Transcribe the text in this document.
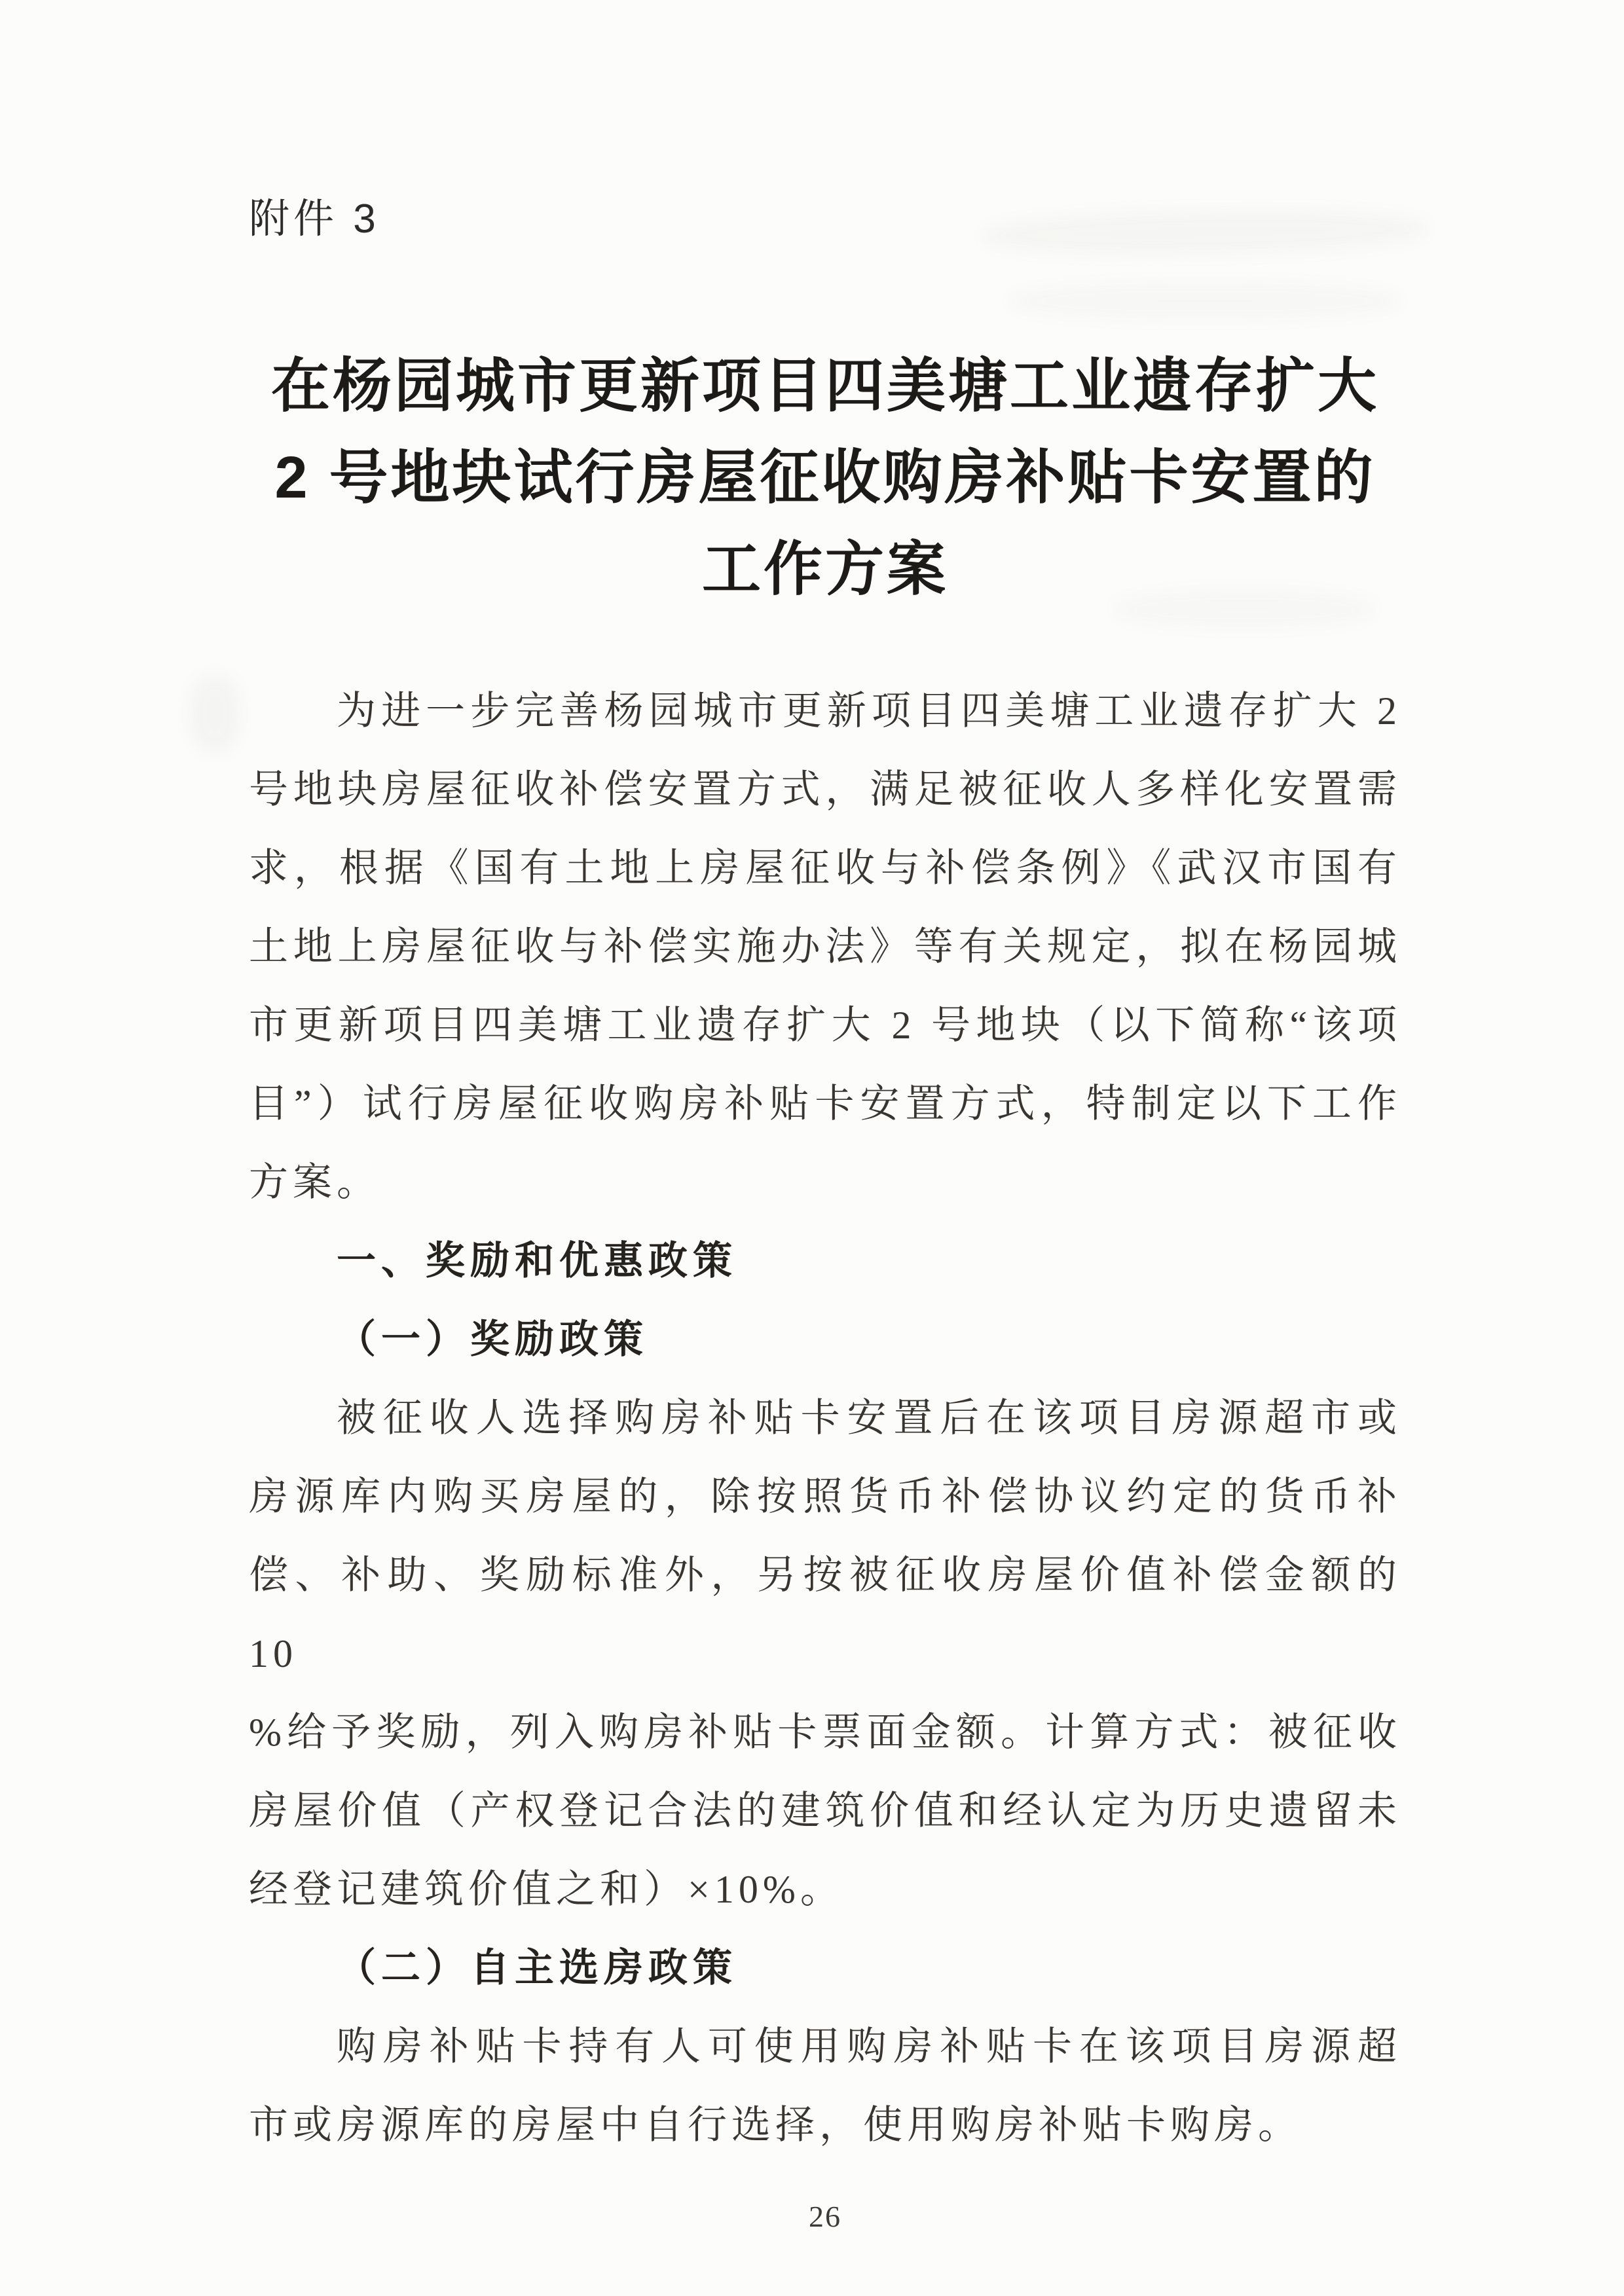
附件 3
在杨园城市更新项目四美塘工业遗存扩大
2 号地块试行房屋征收购房补贴卡安置的
工作方案
为进一步完善杨园城市更新项目四美塘工业遗存扩大 2
号地块房屋征收补偿安置方式，满足被征收人多样化安置需
求，根据《国有土地上房屋征收与补偿条例》《武汉市国有
土地上房屋征收与补偿实施办法》等有关规定，拟在杨园城
市更新项目四美塘工业遗存扩大 2 号地块（以下简称“该项
目”）试行房屋征收购房补贴卡安置方式，特制定以下工作
方案。
一、奖励和优惠政策
（一）奖励政策
被征收人选择购房补贴卡安置后在该项目房源超市或
房源库内购买房屋的，除按照货币补偿协议约定的货币补
偿、补助、奖励标准外，另按被征收房屋价值补偿金额的 10
%给予奖励，列入购房补贴卡票面金额。计算方式：被征收
房屋价值（产权登记合法的建筑价值和经认定为历史遗留未
经登记建筑价值之和）×10%。
（二）自主选房政策
购房补贴卡持有人可使用购房补贴卡在该项目房源超
市或房源库的房屋中自行选择，使用购房补贴卡购房。
26
